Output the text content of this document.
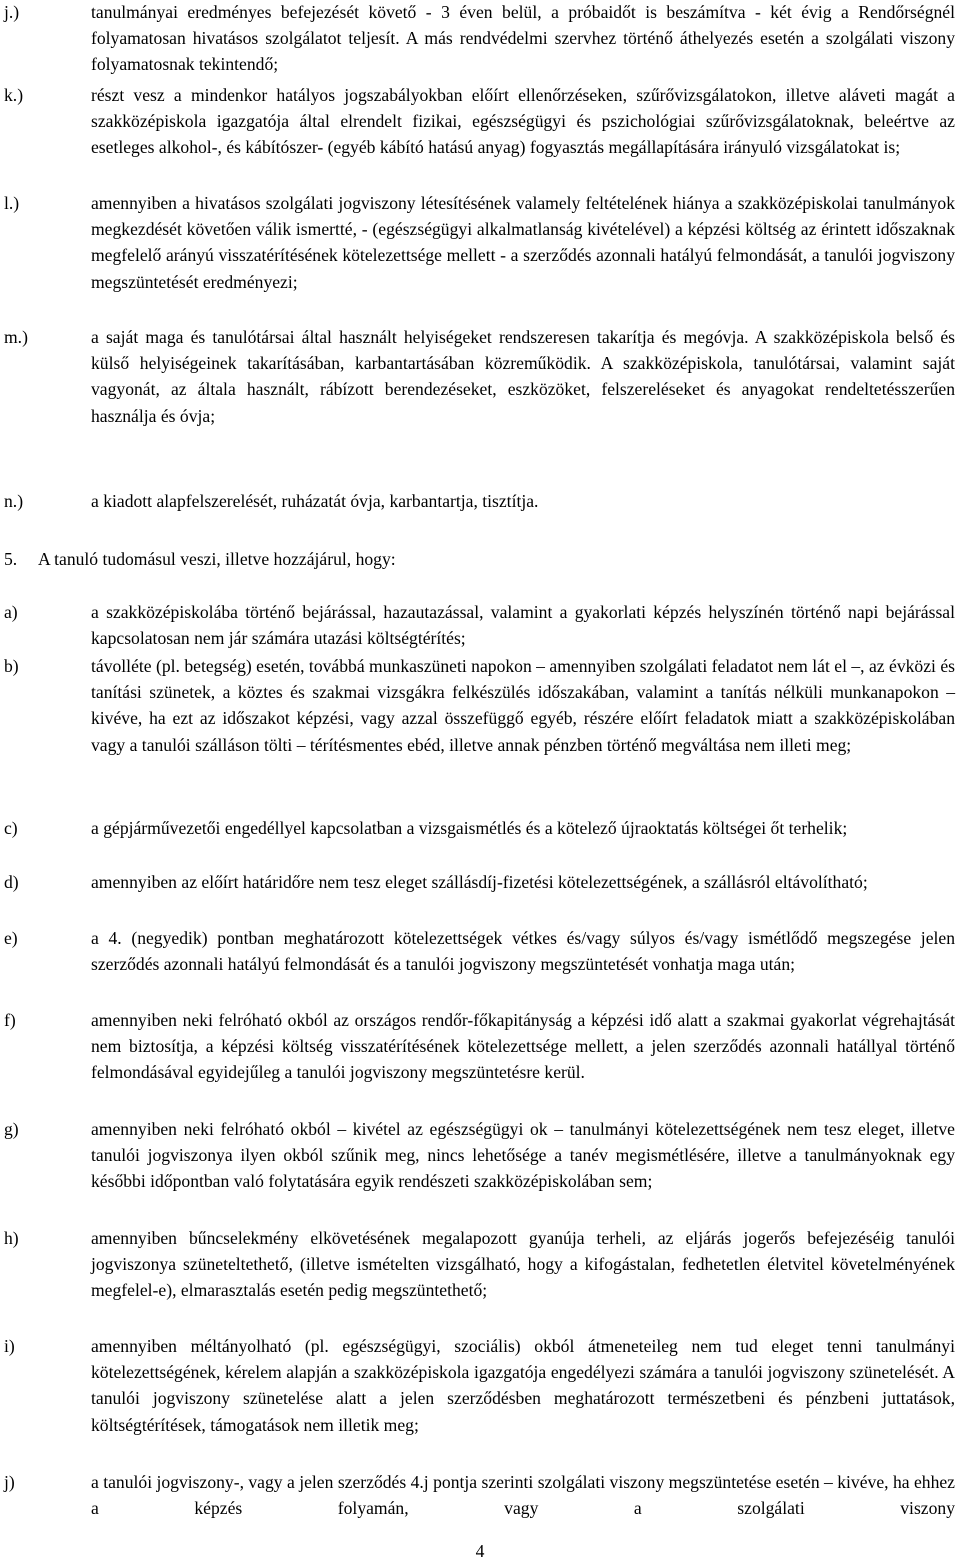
j.)	tanulmányai eredményes befejezését követő - 3 éven belül, a próbaidőt is beszámítva - két évig a Rendőrségnél folyamatosan hivatásos szolgálatot teljesít. A más rendvédelmi szervhez történő áthelyezés esetén a szolgálati viszony folyamatosnak tekintendő;
k.)	részt vesz a mindenkor hatályos jogszabályokban előírt ellenőrzéseken, szűrővizsgálatokon, illetve aláveti magát a szakközépiskola igazgatója által elrendelt fizikai, egészségügyi és pszichológiai szűrővizsgálatoknak, beleértve az esetleges alkohol-, és kábítószer- (egyéb kábító hatású anyag) fogyasztás megállapítására irányuló vizsgálatokat is;
l.)	amennyiben a hivatásos szolgálati jogviszony létesítésének valamely feltételének hiánya a szakközépiskolai tanulmányok megkezdését követően válik ismertté, - (egészségügyi alkalmatlanság kivételével) a képzési költség az érintett időszaknak megfelelő arányú visszatérítésének kötelezettsége mellett - a szerződés azonnali hatályú felmondását, a tanulói jogviszony megszüntetését eredményezi;
m.)	a saját maga és tanulótársai által használt helyiségeket rendszeresen takarítja és megóvja. A szakközépiskola belső és külső helyiségeinek takarításában, karbantartásában közreműködik. A szakközépiskola, tanulótársai, valamint saját vagyonát, az általa használt, rábízott berendezéseket, eszközöket, felszereléseket és anyagokat rendeltetésszerűen használja és óvja;
n.)	a kiadott alapfelszerelését, ruházatát óvja, karbantartja, tisztítja.
5. A tanuló tudomásul veszi, illetve hozzájárul, hogy:
a)	a szakközépiskolába történő bejárással, hazautazással, valamint a gyakorlati képzés helyszínén történő napi bejárással kapcsolatosan nem jár számára utazási költségtérítés;
b)	távolléte (pl. betegség) esetén, továbbá munkaszüneti napokon – amennyiben szolgálati feladatot nem lát el –, az évközi és tanítási szünetek, a köztes és szakmai vizsgákra felkészülés időszakában, valamint a tanítás nélküli munkanapokon – kivéve, ha ezt az időszakot képzési, vagy azzal összefüggő egyéb, részére előírt feladatok miatt a szakközépiskolában vagy a tanulói szálláson tölti – térítésmentes ebéd, illetve annak pénzben történő megváltása nem illeti meg;
c)	a gépjárművezetői engedéllyel kapcsolatban a vizsgaismétlés és a kötelező újraoktatás költségei őt terhelik;
d)	amennyiben az előírt határidőre nem tesz eleget szállásdíj-fizetési kötelezettségének, a szállásról eltávolítható;
e)	a 4. (negyedik) pontban meghatározott kötelezettségek vétkes és/vagy súlyos és/vagy ismétlődő megszegése jelen szerződés azonnali hatályú felmondását és a tanulói jogviszony megszüntetését vonhatja maga után;
f)	amennyiben neki felróható okból az országos rendőr-főkapitányság a képzési idő alatt a szakmai gyakorlat végrehajtását nem biztosítja, a képzési költség visszatérítésének kötelezettsége mellett, a jelen szerződés azonnali hatállyal történő felmondásával egyidejűleg a tanulói jogviszony megszüntetésre kerül.
g)	amennyiben neki felróható okból – kivétel az egészségügyi ok – tanulmányi kötelezettségének nem tesz eleget, illetve tanulói jogviszonya ilyen okból szűnik meg, nincs lehetősége a tanév megismétlésére, illetve a tanulmányoknak egy későbbi időpontban való folytatására egyik rendészeti szakközépiskolában sem;
h)	amennyiben bűncselekmény elkövetésének megalapozott gyanúja terheli, az eljárás jogerős befejezéséig tanulói jogviszonya szüneteltethető, (illetve ismételten vizsgálható, hogy a kifogástalan, fedhetetlen életvitel követelményének megfelel-e), elmarasztalás esetén pedig megszüntethető;
i)	amennyiben méltányolható (pl. egészségügyi, szociális) okból átmeneteileg nem tud eleget tenni tanulmányi kötelezettségének, kérelem alapján a szakközépiskola igazgatója engedélyezi számára a tanulói jogviszony szünetelését. A tanulói jogviszony szünetelése alatt a jelen szerződésben meghatározott természetbeni és pénzbeni juttatások, költségtérítések, támogatások nem illetik meg;
j)	a tanulói jogviszony-, vagy a jelen szerződés 4.j pontja szerinti szolgálati viszony megszüntetése esetén – kivéve, ha ehhez a képzés folyamán, vagy a szolgálati viszony
4
